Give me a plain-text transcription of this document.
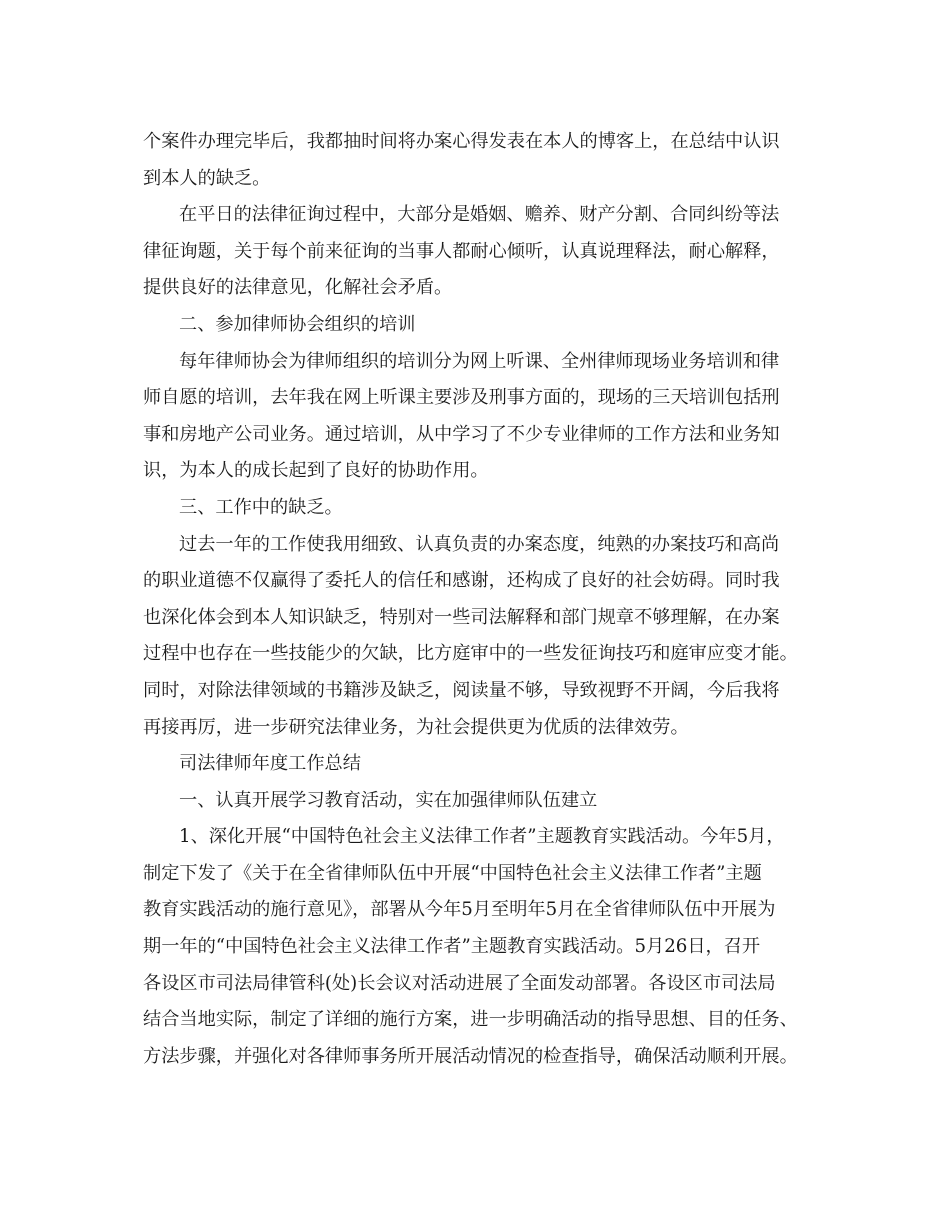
个案件办理完毕后，我都抽时间将办案心得发表在本人的博客上，在总结中认识
到本人的缺乏。
在平日的法律征询过程中，大部分是婚姻、赡养、财产分割、合同纠纷等法
律征询题，关于每个前来征询的当事人都耐心倾听，认真说理释法，耐心解释，
提供良好的法律意见，化解社会矛盾。
二、参加律师协会组织的培训
每年律师协会为律师组织的培训分为网上听课、全州律师现场业务培训和律
师自愿的培训，去年我在网上听课主要涉及刑事方面的，现场的三天培训包括刑
事和房地产公司业务。通过培训，从中学习了不少专业律师的工作方法和业务知
识，为本人的成长起到了良好的协助作用。
三、工作中的缺乏。
过去一年的工作使我用细致、认真负责的办案态度，纯熟的办案技巧和高尚
的职业道德不仅赢得了委托人的信任和感谢，还构成了良好的社会妨碍。同时我
也深化体会到本人知识缺乏，特别对一些司法解释和部门规章不够理解，在办案
过程中也存在一些技能少的欠缺，比方庭审中的一些发征询技巧和庭审应变才能。
同时，对除法律领域的书籍涉及缺乏，阅读量不够，导致视野不开阔，今后我将
再接再厉，进一步研究法律业务，为社会提供更为优质的法律效劳。
司法律师年度工作总结
一、认真开展学习教育活动，实在加强律师队伍建立
1、深化开展“中国特色社会主义法律工作者”主题教育实践活动。今年5月，
制定下发了《关于在全省律师队伍中开展“中国特色社会主义法律工作者”主题
教育实践活动的施行意见》，部署从今年5月至明年5月在全省律师队伍中开展为
期一年的“中国特色社会主义法律工作者”主题教育实践活动。5月26日，召开
各设区市司法局律管科(处)长会议对活动进展了全面发动部署。各设区市司法局
结合当地实际，制定了详细的施行方案，进一步明确活动的指导思想、目的任务、
方法步骤，并强化对各律师事务所开展活动情况的检查指导，确保活动顺利开展。
